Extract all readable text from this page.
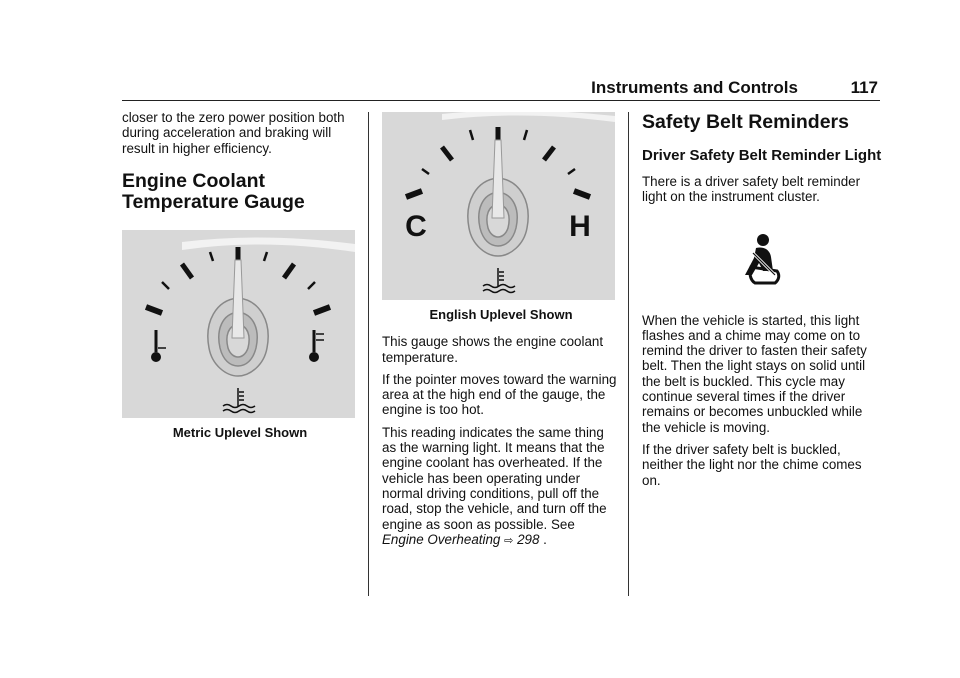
Instruments and Controls	117

closer to the zero power position both during acceleration and braking will result in higher efficiency.

Engine Coolant Temperature Gauge
Metric Uplevel Shown
C	H
English Uplevel Shown

This gauge shows the engine coolant temperature.

If the pointer moves toward the warning area at the high end of the gauge, the engine is too hot.

This reading indicates the same thing as the warning light. It means that the engine coolant has overheated. If the vehicle has been operating under normal driving conditions, pull off the road, stop the vehicle, and turn off the engine as soon as possible. See Engine Overheating ⇨ 298 .

Safety Belt Reminders
Driver Safety Belt Reminder Light

There is a driver safety belt reminder light on the instrument cluster.

When the vehicle is started, this light flashes and a chime may come on to remind the driver to fasten their safety belt. Then the light stays on solid until the belt is buckled. This cycle may continue several times if the driver remains or becomes unbuckled while the vehicle is moving.

If the driver safety belt is buckled, neither the light nor the chime comes on.
